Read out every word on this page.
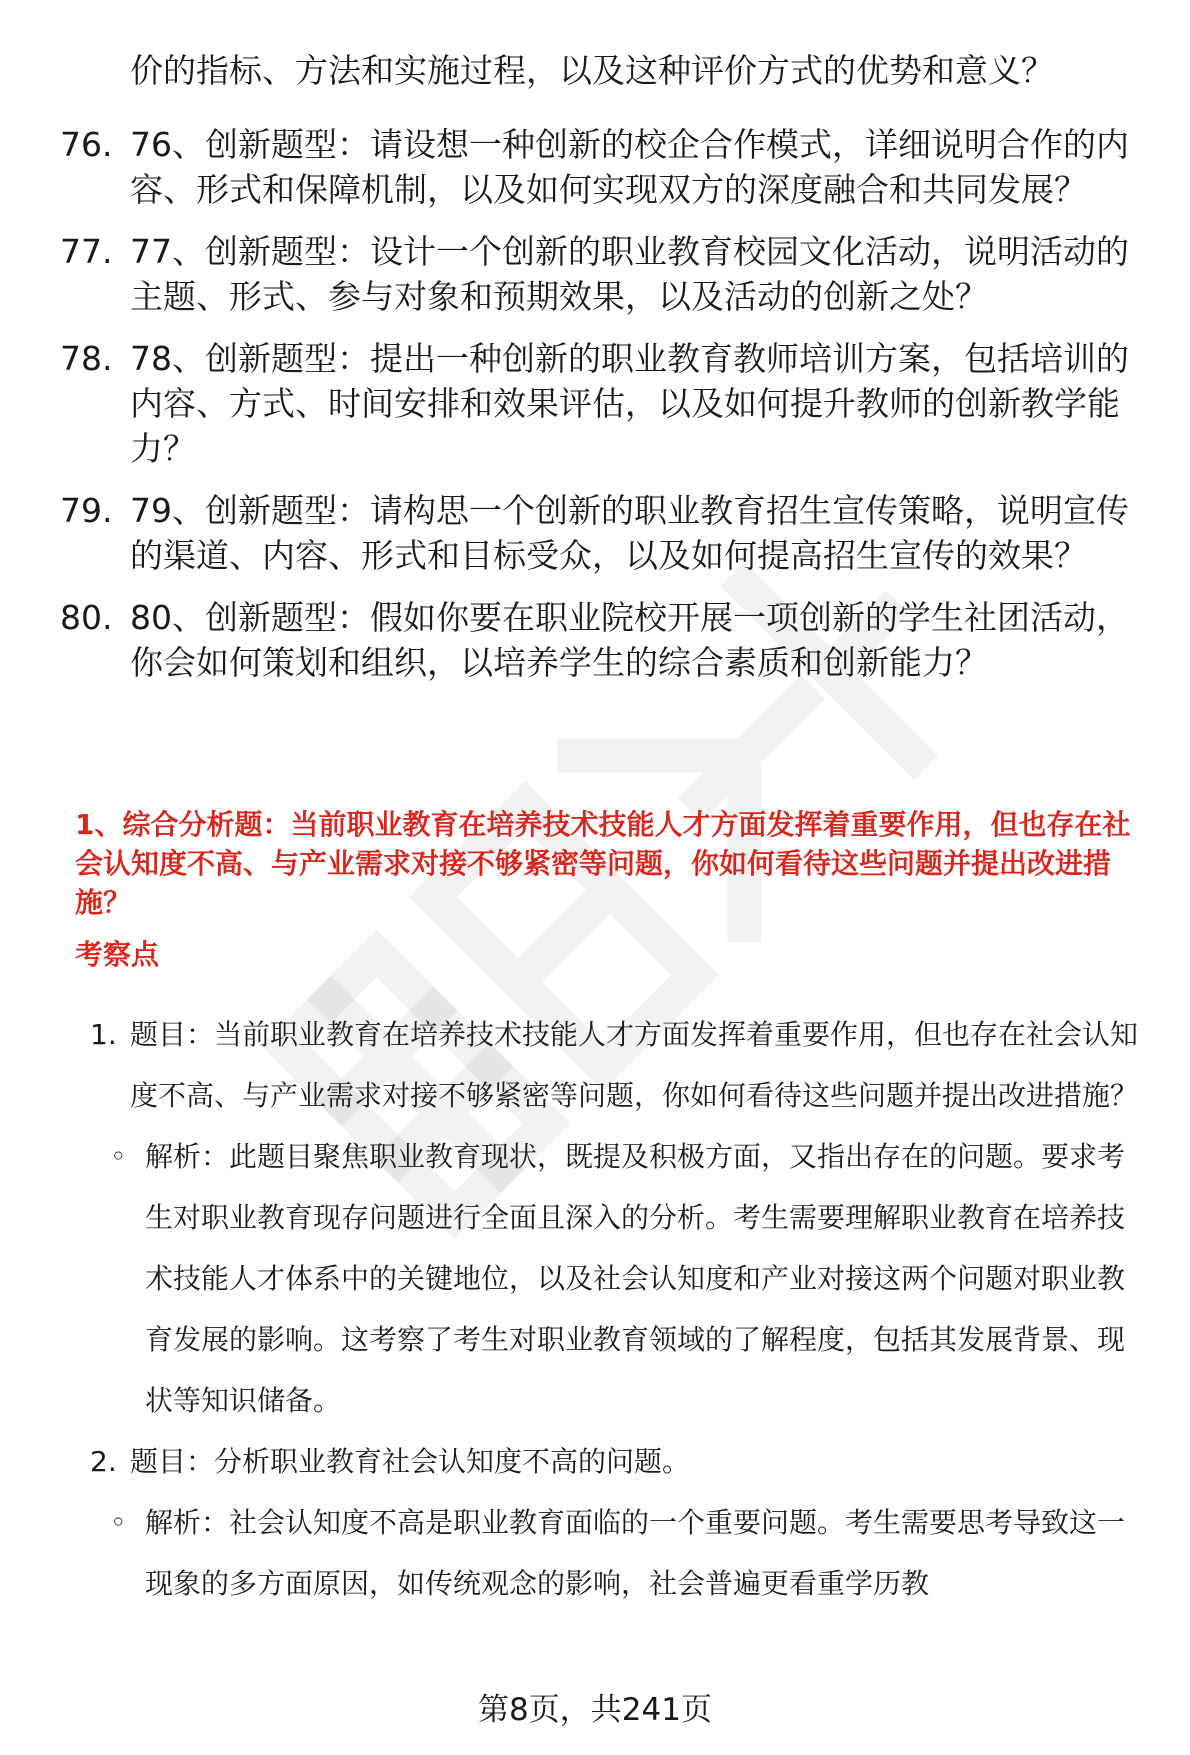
价的指标、方法和实施过程，以及这种评价方式的优势和意义？

76. 76、创新题型：请设想一种创新的校企合作模式，详细说明合作的内容、形式和保障机制，以及如何实现双方的深度融合和共同发展？
77. 77、创新题型：设计一个创新的职业教育校园文化活动，说明活动的主题、形式、参与对象和预期效果，以及活动的创新之处？
78. 78、创新题型：提出一种创新的职业教育教师培训方案，包括培训的内容、方式、时间安排和效果评估，以及如何提升教师的创新教学能力？
79. 79、创新题型：请构思一个创新的职业教育招生宣传策略，说明宣传的渠道、内容、形式和目标受众，以及如何提高招生宣传的效果？
80. 80、创新题型：假如你要在职业院校开展一项创新的学生社团活动，你会如何策划和组织，以培养学生的综合素质和创新能力？

1、综合分析题：当前职业教育在培养技术技能人才方面发挥着重要作用，但也存在社会认知度不高、与产业需求对接不够紧密等问题，你如何看待这些问题并提出改进措施？

考察点

1. 题目：当前职业教育在培养技术技能人才方面发挥着重要作用，但也存在社会认知度不高、与产业需求对接不够紧密等问题，你如何看待这些问题并提出改进措施？
◦ 解析：此题目聚焦职业教育现状，既提及积极方面，又指出存在的问题。要求考生对职业教育现存问题进行全面且深入的分析。考生需要理解职业教育在培养技术技能人才体系中的关键地位，以及社会认知度和产业对接这两个问题对职业教育发展的影响。这考察了考生对职业教育领域的了解程度，包括其发展背景、现状等知识储备。
2. 题目：分析职业教育社会认知度不高的问题。
◦ 解析：社会认知度不高是职业教育面临的一个重要问题。考生需要思考导致这一现象的多方面原因，如传统观念的影响，社会普遍更看重学历教
第8页，共241页
